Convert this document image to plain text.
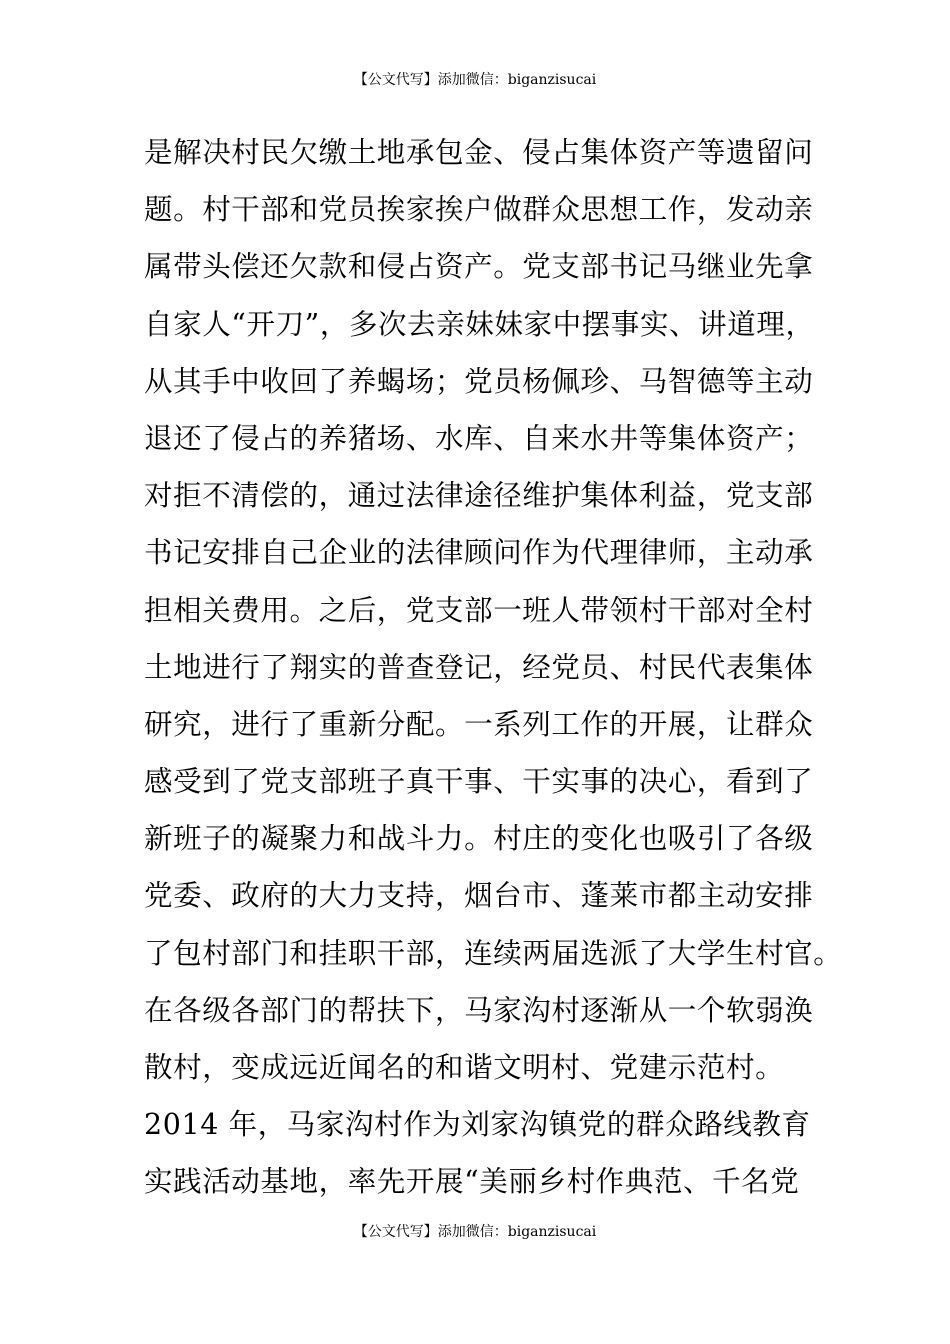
【公文代写】添加微信：biganzisucai
是解决村民欠缴土地承包金、侵占集体资产等遗留问
题。村干部和党员挨家挨户做群众思想工作，发动亲
属带头偿还欠款和侵占资产。党支部书记马继业先拿
自家人“开刀”，多次去亲妹妹家中摆事实、讲道理，
从其手中收回了养蝎场；党员杨佩珍、马智德等主动
退还了侵占的养猪场、水库、自来水井等集体资产；
对拒不清偿的，通过法律途径维护集体利益，党支部
书记安排自己企业的法律顾问作为代理律师，主动承
担相关费用。之后，党支部一班人带领村干部对全村
土地进行了翔实的普查登记，经党员、村民代表集体
研究，进行了重新分配。一系列工作的开展，让群众
感受到了党支部班子真干事、干实事的决心，看到了
新班子的凝聚力和战斗力。村庄的变化也吸引了各级
党委、政府的大力支持，烟台市、蓬莱市都主动安排
了包村部门和挂职干部，连续两届选派了大学生村官。
在各级各部门的帮扶下，马家沟村逐渐从一个软弱涣
散村，变成远近闻名的和谐文明村、党建示范村。
2014 年，马家沟村作为刘家沟镇党的群众路线教育
实践活动基地，率先开展“美丽乡村作典范、千名党
【公文代写】添加微信：biganzisucai
